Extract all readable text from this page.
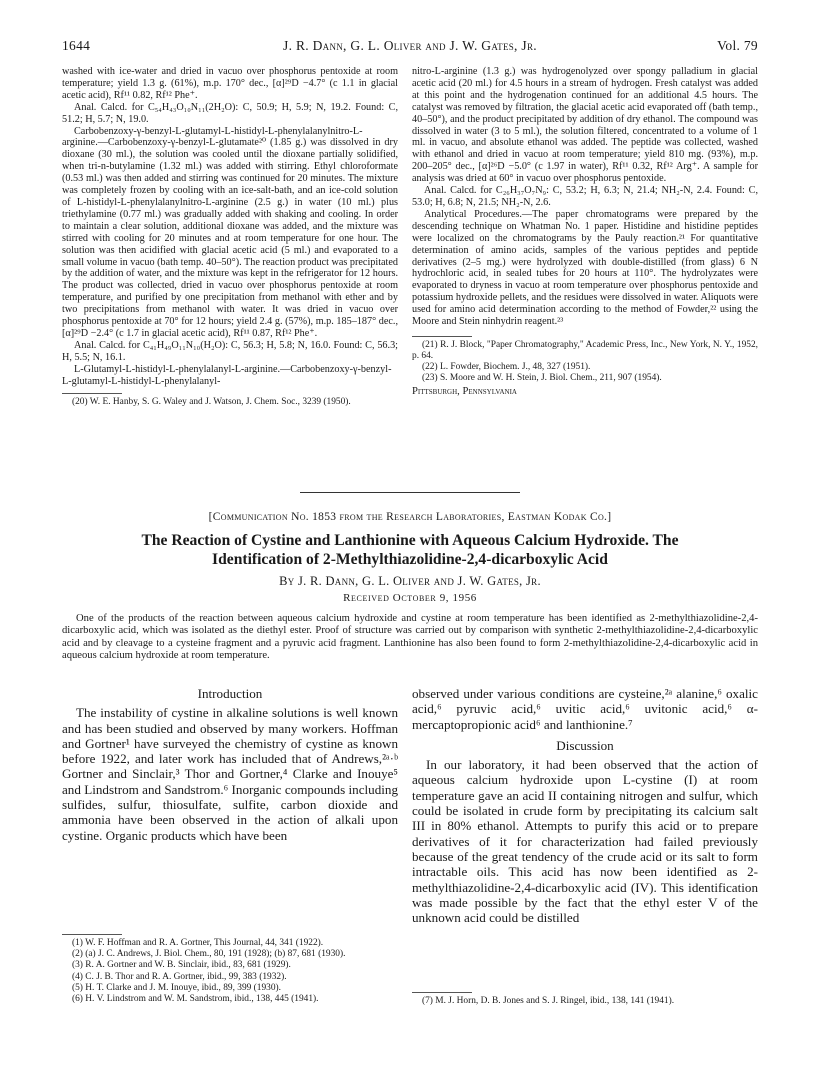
1644	J. R. Dann, G. L. Oliver and J. W. Gates, Jr.	Vol. 79

washed with ice-water and dried in vacuo over phosphorus pentoxide at room temperature; yield 1.3 g. (61%), m.p. 170° dec., [α]²⁹D −4.7° (c 1.1 in glacial acetic acid), Rf¹¹ 0.82, Rf¹² Phe⁺.

Anal. Calcd. for C₅₄H₄₃O₁₀N₁₁(2H₂O): C, 50.9; H, 5.9; N, 19.2. Found: C, 51.2; H, 5.7; N, 19.0.

Carbobenzoxy-γ-benzyl-L-glutamyl-L-histidyl-L-phenylalanylnitro-L-arginine.—Carbobenzoxy-γ-benzyl-L-glutamate²⁰ (1.85 g.) was dissolved in dry dioxane (30 ml.), the solution was cooled until the dioxane partially solidified, when tri-n-butylamine (1.32 ml.) was added with stirring. Ethyl chloroformate (0.53 ml.) was then added and stirring was continued for 20 minutes. The mixture was completely frozen by cooling with an ice-salt-bath, and an ice-cold solution of L-histidyl-L-phenylalanylnitro-L-arginine (2.5 g.) in water (10 ml.) plus triethylamine (0.77 ml.) was gradually added with shaking and cooling. In order to maintain a clear solution, additional dioxane was added, and the mixture was stirred with cooling for 20 minutes and at room temperature for one hour. The solution was then acidified with glacial acetic acid (5 ml.) and evaporated to a small volume in vacuo (bath temp. 40–50°). The reaction product was precipitated by the addition of water, and the mixture was kept in the refrigerator for 12 hours. The product was collected, dried in vacuo over phosphorus pentoxide at room temperature, and purified by one precipitation from methanol with ether and by two precipitations from methanol with water. It was dried in vacuo over phosphorus pentoxide at 70° for 12 hours; yield 2.4 g. (57%), m.p. 185–187° dec., [α]²⁹D −2.4° (c 1.7 in glacial acetic acid), Rf¹¹ 0.87, Rf¹² Phe⁺.

Anal. Calcd. for C₄₁H₄₉O₁₁N₁₀(H₂O): C, 56.3; H, 5.8; N, 16.0. Found: C, 56.3; H, 5.5; N, 16.1.

L-Glutamyl-L-histidyl-L-phenylalanyl-L-arginine.—Carbobenzoxy-γ-benzyl-L-glutamyl-L-histidyl-L-phenylalanyl-

(20) W. E. Hanby, S. G. Waley and J. Watson, J. Chem. Soc., 3239 (1950).

nitro-L-arginine (1.3 g.) was hydrogenolyzed over spongy palladium in glacial acetic acid (20 ml.) for 4.5 hours in a stream of hydrogen. Fresh catalyst was added at this point and the hydrogenation continued for an additional 4.5 hours. The catalyst was removed by filtration, the glacial acetic acid evaporated off (bath temp., 40–50°), and the product precipitated by addition of dry ethanol. The compound was dissolved in water (3 to 5 ml.), the solution filtered, concentrated to a volume of 1 ml. in vacuo, and absolute ethanol was added. The peptide was collected, washed with ethanol and dried in vacuo at room temperature; yield 810 mg. (93%), m.p. 200–205° dec., [α]²⁶D −5.0° (c 1.97 in water), Rf¹¹ 0.32, Rf¹² Arg⁺. A sample for analysis was dried at 60° in vacuo over phosphorus pentoxide.

Anal. Calcd. for C₂₆H₃₇O₇N₉: C, 53.2; H, 6.3; N, 21.4; NH₂-N, 2.4. Found: C, 53.0; H, 6.8; N, 21.5; NH₂-N, 2.6.

Analytical Procedures.—The paper chromatograms were prepared by the descending technique on Whatman No. 1 paper. Histidine and histidine peptides were localized on the chromatograms by the Pauly reaction.²¹ For quantitative determination of amino acids, samples of the various peptides and peptide derivatives (2–5 mg.) were hydrolyzed with double-distilled (from glass) 6 N hydrochloric acid, in sealed tubes for 20 hours at 110°. The hydrolyzates were evaporated to dryness in vacuo at room temperature over phosphorus pentoxide and potassium hydroxide pellets, and the residues were dissolved in water. Aliquots were used for amino acid determination according to the method of Fowder,²² using the Moore and Stein ninhydrin reagent.²³

(21) R. J. Block, "Paper Chromatography," Academic Press, Inc., New York, N. Y., 1952, p. 64.

(22) L. Fowder, Biochem. J., 48, 327 (1951).

(23) S. Moore and W. H. Stein, J. Biol. Chem., 211, 907 (1954).

Pittsburgh, Pennsylvania

[Communication No. 1853 from the Research Laboratories, Eastman Kodak Co.]
The Reaction of Cystine and Lanthionine with Aqueous Calcium Hydroxide. The
Identification of 2-Methylthiazolidine-2,4-dicarboxylic Acid
By J. R. Dann, G. L. Oliver and J. W. Gates, Jr.
Received October 9, 1956
One of the products of the reaction between aqueous calcium hydroxide and cystine at room temperature has been identified as 2-methylthiazolidine-2,4-dicarboxylic acid, which was isolated as the diethyl ester. Proof of structure was carried out by comparison with synthetic 2-methylthiazolidine-2,4-dicarboxylic acid and by cleavage to a cysteine fragment and a pyruvic acid fragment. Lanthionine has also been found to form 2-methylthiazolidine-2,4-dicarboxylic acid in aqueous calcium hydroxide at room temperature.
Introduction

The instability of cystine in alkaline solutions is well known and has been studied and observed by many workers. Hoffman and Gortner¹ have surveyed the chemistry of cystine as known before 1922, and later work has included that of Andrews,²ᵃ·ᵇ Gortner and Sinclair,³ Thor and Gortner,⁴ Clarke and Inouye⁵ and Lindstrom and Sandstrom.⁶ Inorganic compounds including sulfides, sulfur, thiosulfate, sulfite, carbon dioxide and ammonia have been observed in the action of alkali upon cystine. Organic products which have been

(1) W. F. Hoffman and R. A. Gortner, This Journal, 44, 341 (1922).

(2) (a) J. C. Andrews, J. Biol. Chem., 80, 191 (1928); (b) 87, 681 (1930).

(3) R. A. Gortner and W. B. Sinclair, ibid., 83, 681 (1929).

(4) C. J. B. Thor and R. A. Gortner, ibid., 99, 383 (1932).

(5) H. T. Clarke and J. M. Inouye, ibid., 89, 399 (1930).

(6) H. V. Lindstrom and W. M. Sandstrom, ibid., 138, 445 (1941).

observed under various conditions are cysteine,²ᵃ alanine,⁶ oxalic acid,⁶ pyruvic acid,⁶ uvitic acid,⁶ uvitonic acid,⁶ α-mercaptopropionic acid⁶ and lanthionine.⁷

Discussion

In our laboratory, it had been observed that the action of aqueous calcium hydroxide upon L-cystine (I) at room temperature gave an acid II containing nitrogen and sulfur, which could be isolated in crude form by precipitating its calcium salt III in 80% ethanol. Attempts to purify this acid or to prepare derivatives of it for characterization had failed previously because of the great tendency of the crude acid or its salt to form intractable oils. This acid has now been identified as 2-methylthiazolidine-2,4-dicarboxylic acid (IV). This identification was made possible by the fact that the ethyl ester V of the unknown acid could be distilled

(7) M. J. Horn, D. B. Jones and S. J. Ringel, ibid., 138, 141 (1941).
